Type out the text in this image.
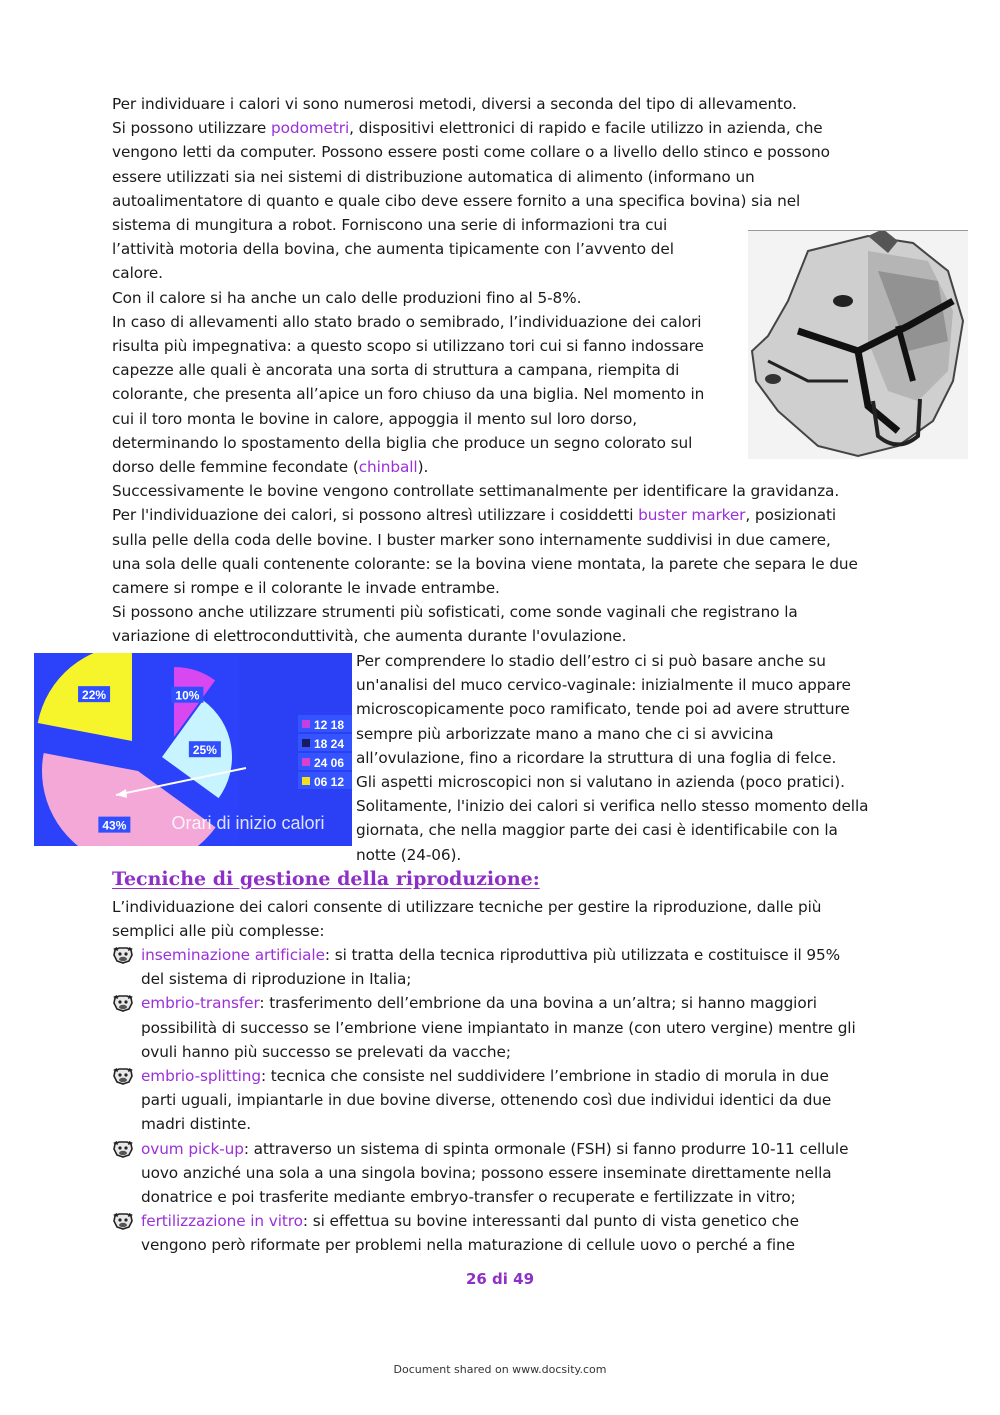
Per individuare i calori vi sono numerosi metodi, diversi a seconda del tipo di allevamento.
Si possono utilizzare podometri, dispositivi elettronici di rapido e facile utilizzo in azienda, che
vengono letti da computer. Possono essere posti come collare o a livello dello stinco e possono
essere utilizzati sia nei sistemi di distribuzione automatica di alimento (informano un
autoalimentatore di quanto e quale cibo deve essere fornito a una specifica bovina) sia nel
sistema di mungitura a robot. Forniscono una serie di informazioni tra cui
l’attività motoria della bovina, che aumenta tipicamente con l’avvento del
calore.
Con il calore si ha anche un calo delle produzioni fino al 5-8%.
In caso di allevamenti allo stato brado o semibrado, l’individuazione dei calori
risulta più impegnativa: a questo scopo si utilizzano tori cui si fanno indossare
capezze alle quali è ancorata una sorta di struttura a campana, riempita di
colorante, che presenta all’apice un foro chiuso da una biglia. Nel momento in
cui il toro monta le bovine in calore, appoggia il mento sul loro dorso,
determinando lo spostamento della biglia che produce un segno colorato sul
dorso delle femmine fecondate (chinball).
Successivamente le bovine vengono controllate settimanalmente per identificare la gravidanza.
Per l'individuazione dei calori, si possono altresì utilizzare i cosiddetti buster marker, posizionati
sulla pelle della coda delle bovine. I buster marker sono internamente suddivisi in due camere,
una sola delle quali contenente colorante: se la bovina viene montata, la parete che separa le due
camere si rompe e il colorante le invade entrambe.
Si possono anche utilizzare strumenti più sofisticati, come sonde vaginali che registrano la
variazione di elettroconduttività, che aumenta durante l'ovulazione.
10%
25%
43%
22%
12 18
18 24
24 06
06 12
Orari di inizio calori
Per comprendere lo stadio dell’estro ci si può basare anche su
un'analisi del muco cervico-vaginale: inizialmente il muco appare
microscopicamente poco ramificato, tende poi ad avere strutture
sempre più arborizzate mano a mano che ci si avvicina
all’ovulazione, fino a ricordare la struttura di una foglia di felce.
Gli aspetti microscopici non si valutano in azienda (poco pratici).
Solitamente, l'inizio dei calori si verifica nello stesso momento della
giornata, che nella maggior parte dei casi è identificabile con la
notte (24-06).
Tecniche di gestione della riproduzione:
L’individuazione dei calori consente di utilizzare tecniche per gestire la riproduzione, dalle più
semplici alle più complesse:
inseminazione artificiale: si tratta della tecnica riproduttiva più utilizzata e costituisce il 95%
del sistema di riproduzione in Italia;
embrio-transfer: trasferimento dell’embrione da una bovina a un’altra; si hanno maggiori
possibilità di successo se l’embrione viene impiantato in manze (con utero vergine) mentre gli
ovuli hanno più successo se prelevati da vacche;
embrio-splitting: tecnica che consiste nel suddividere l’embrione in stadio di morula in due
parti uguali, impiantarle in due bovine diverse, ottenendo così due individui identici da due
madri distinte.
ovum pick-up: attraverso un sistema di spinta ormonale (FSH) si fanno produrre 10-11 cellule
uovo anziché una sola a una singola bovina; possono essere inseminate direttamente nella
donatrice e poi trasferite mediante embryo-transfer o recuperate e fertilizzate in vitro;
fertilizzazione in vitro: si effettua su bovine interessanti dal punto di vista genetico che
vengono però riformate per problemi nella maturazione di cellule uovo o perché a fine
26 di 49
Document shared on www.docsity.com
